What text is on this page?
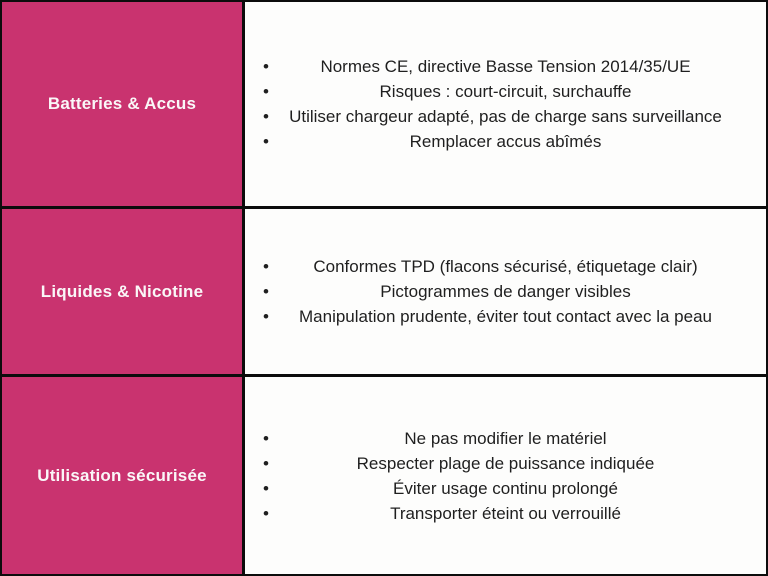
Batteries & Accus
• Normes CE, directive Basse Tension 2014/35/UE
• Risques : court-circuit, surchauffe
• Utiliser chargeur adapté, pas de charge sans surveillance
• Remplacer accus abîmés
Liquides & Nicotine
• Conformes TPD (flacons sécurisé, étiquetage clair)
• Pictogrammes de danger visibles
• Manipulation prudente, éviter tout contact avec la peau
Utilisation sécurisée
• Ne pas modifier le matériel
• Respecter plage de puissance indiquée
• Éviter usage continu prolongé
• Transporter éteint ou verrouillé
